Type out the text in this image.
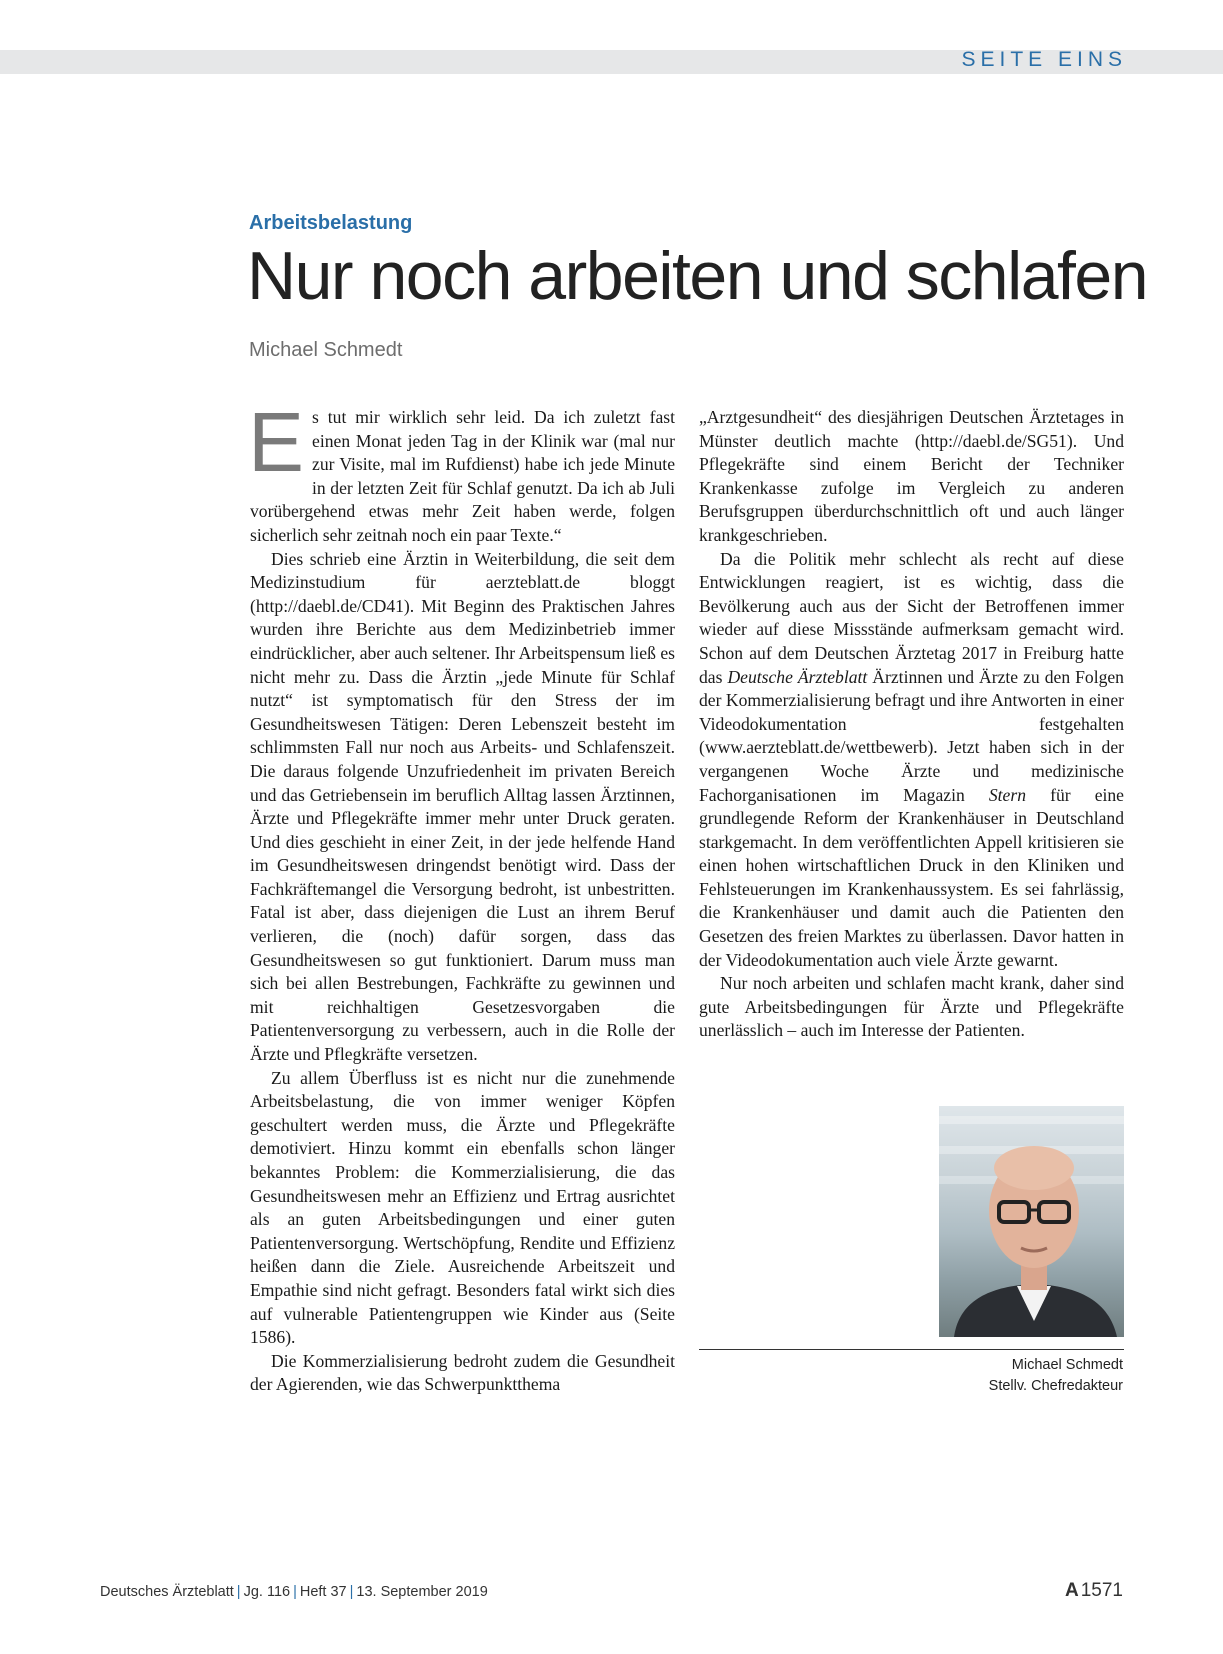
SEITE EINS
Arbeitsbelastung
Nur noch arbeiten und schlafen
Michael Schmedt

Es tut mir wirklich sehr leid. Da ich zuletzt fast einen Monat jeden Tag in der Klinik war (mal nur zur Visite, mal im Rufdienst) habe ich jede Minute in der letzten Zeit für Schlaf genutzt. Da ich ab Juli vorübergehend etwas mehr Zeit haben werde, folgen sicherlich sehr zeitnah noch ein paar Texte.“

Dies schrieb eine Ärztin in Weiterbildung, die seit dem Medizinstudium für aerzteblatt.de bloggt (http://daebl.de/CD41). Mit Beginn des Praktischen Jahres wurden ihre Berichte aus dem Medizinbetrieb immer eindrücklicher, aber auch seltener. Ihr Arbeitspensum ließ es nicht mehr zu. Dass die Ärztin „jede Minute für Schlaf nutzt“ ist symptomatisch für den Stress der im Gesundheitswesen Tätigen: Deren Lebenszeit besteht im schlimmsten Fall nur noch aus Arbeits- und Schlafenszeit. Die daraus folgende Unzufriedenheit im privaten Bereich und das Getriebensein im beruflich Alltag lassen Ärztinnen, Ärzte und Pflegekräfte immer mehr unter Druck geraten. Und dies geschieht in einer Zeit, in der jede helfende Hand im Gesundheitswesen dringendst benötigt wird. Dass der Fachkräftemangel die Versorgung bedroht, ist unbestritten. Fatal ist aber, dass diejenigen die Lust an ihrem Beruf verlieren, die (noch) dafür sorgen, dass das Gesundheitswesen so gut funktioniert. Darum muss man sich bei allen Bestrebungen, Fachkräfte zu gewinnen und mit reichhaltigen Gesetzesvorgaben die Patientenversorgung zu verbessern, auch in die Rolle der Ärzte und Pflegkräfte versetzen.

Zu allem Überfluss ist es nicht nur die zunehmende Arbeitsbelastung, die von immer weniger Köpfen geschultert werden muss, die Ärzte und Pflegekräfte demotiviert. Hinzu kommt ein ebenfalls schon länger bekanntes Problem: die Kommerzialisierung, die das Gesundheitswesen mehr an Effizienz und Ertrag ausrichtet als an guten Arbeitsbedingungen und einer guten Patientenversorgung. Wertschöpfung, Rendite und Effizienz heißen dann die Ziele. Ausreichende Arbeitszeit und Empathie sind nicht gefragt. Besonders fatal wirkt sich dies auf vulnerable Patientengruppen wie Kinder aus (Seite 1586).

Die Kommerzialisierung bedroht zudem die Gesundheit der Agierenden, wie das Schwerpunktthema

„Arztgesundheit“ des diesjährigen Deutschen Ärztetages in Münster deutlich machte (http://daebl.de/SG51). Und Pflegekräfte sind einem Bericht der Techniker Krankenkasse zufolge im Vergleich zu anderen Berufsgruppen überdurchschnittlich oft und auch länger krankgeschrieben.

Da die Politik mehr schlecht als recht auf diese Entwicklungen reagiert, ist es wichtig, dass die Bevölkerung auch aus der Sicht der Betroffenen immer wieder auf diese Missstände aufmerksam gemacht wird. Schon auf dem Deutschen Ärztetag 2017 in Freiburg hatte das Deutsche Ärzteblatt Ärztinnen und Ärzte zu den Folgen der Kommerzialisierung befragt und ihre Antworten in einer Videodokumentation festgehalten (www.aerzteblatt.de/wettbewerb). Jetzt haben sich in der vergangenen Woche Ärzte und medizinische Fachorganisationen im Magazin Stern für eine grundlegende Reform der Krankenhäuser in Deutschland starkgemacht. In dem veröffentlichten Appell kritisieren sie einen hohen wirtschaftlichen Druck in den Kliniken und Fehlsteuerungen im Krankenhaussystem. Es sei fahrlässig, die Krankenhäuser und damit auch die Patienten den Gesetzen des freien Marktes zu überlassen. Davor hatten in der Videodokumentation auch viele Ärzte gewarnt.

Nur noch arbeiten und schlafen macht krank, daher sind gute Arbeitsbedingungen für Ärzte und Pflegekräfte unerlässlich – auch im Interesse der Patienten.

Michael Schmedt
Stellv. Chefredakteur
Deutsches Ärzteblatt | Jg. 116 | Heft 37 | 13. September 2019	A 1571
